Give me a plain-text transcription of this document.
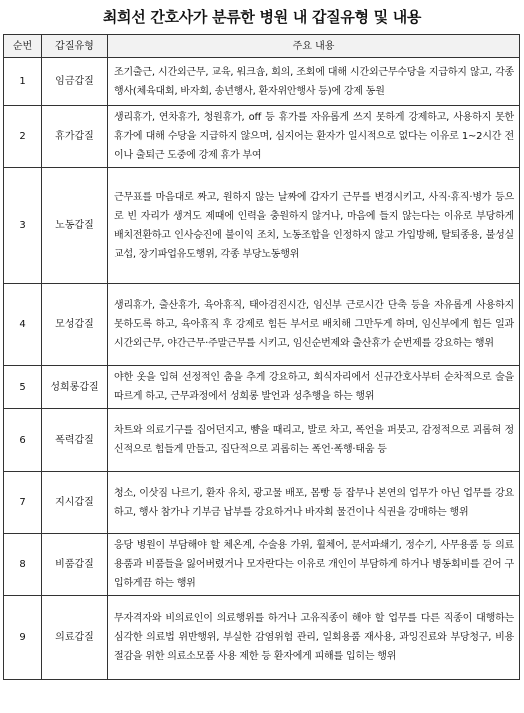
최희선 간호사가 분류한 병원 내 갑질유형 및 내용
순번	갑질유형	주요 내용
1	임금갑질	조기출근, 시간외근무, 교육, 워크숍, 회의, 조회에 대해 시간외근무수당을 지급하지 않고, 각종 행사(체육대회, 바자회, 송년행사, 환자위안행사 등)에 강제 동원
2	휴가갑질	생리휴가, 연차휴가, 청원휴가, off 등 휴가를 자유롭게 쓰지 못하게 강제하고, 사용하지 못한 휴가에 대해 수당을 지급하지 않으며, 심지어는 환자가 일시적으로 없다는 이유로 1~2시간 전이나 출퇴근 도중에 강제 휴가 부여
3	노동갑질	근무표를 마음대로 짜고, 원하지 않는 날짜에 갑자기 근무를 변경시키고, 사직·휴직·병가 등으로 빈 자리가 생겨도 제때에 인력을 충원하지 않거나, 마음에 들지 않는다는 이유로 부당하게 배치전환하고 인사승진에 불이익 조치, 노동조합을 인정하지 않고 가입방해, 탈퇴종용, 불성실교섭, 장기파업유도행위, 각종 부당노동행위
4	모성갑질	생리휴가, 출산휴가, 육아휴직, 태아검진시간, 임신부 근로시간 단축 등을 자유롭게 사용하지 못하도록 하고, 육아휴직 후 강제로 힘든 부서로 배치해 그만두게 하며, 임신부에게 힘든 일과 시간외근무, 야간근무·주말근무를 시키고, 임신순번제와 출산휴가 순번제를 강요하는 행위
5	성희롱갑질	야한 옷을 입혀 선정적인 춤을 추게 강요하고, 회식자리에서 신규간호사부터 순차적으로 술을 따르게 하고, 근무과정에서 성희롱 발언과 성추행을 하는 행위
6	폭력갑질	차트와 의료기구를 집어던지고, 뺨을 때리고, 발로 차고, 폭언을 퍼붓고, 감정적으로 괴롭혀 정신적으로 힘들게 만들고, 집단적으로 괴롭히는 폭언·폭행·태움 등
7	지시갑질	청소, 이삿짐 나르기, 환자 유치, 광고물 배포, 몸빵 등 잡무나 본연의 업무가 아닌 업무를 강요하고, 행사 참가나 기부금 납부를 강요하거나 바자회 물건이나 식권을 강매하는 행위
8	비품갑질	응당 병원이 부담해야 할 체온계, 수술용 가위, 휠체어, 문서파쇄기, 정수기, 사무용품 등 의료용품과 비품들을 잃어버렸거나 모자란다는 이유로 개인이 부담하게 하거나 병동회비를 걷어 구입하게끔 하는 행위
9	의료갑질	무자격자와 비의료인이 의료행위를 하거나 고유직종이 해야 할 업무를 다른 직종이 대행하는 심각한 의료법 위반행위, 부실한 감염위험 관리, 일회용품 재사용, 과잉진료와 부당청구, 비용절감을 위한 의료소모품 사용 제한 등 환자에게 피해를 입히는 행위
